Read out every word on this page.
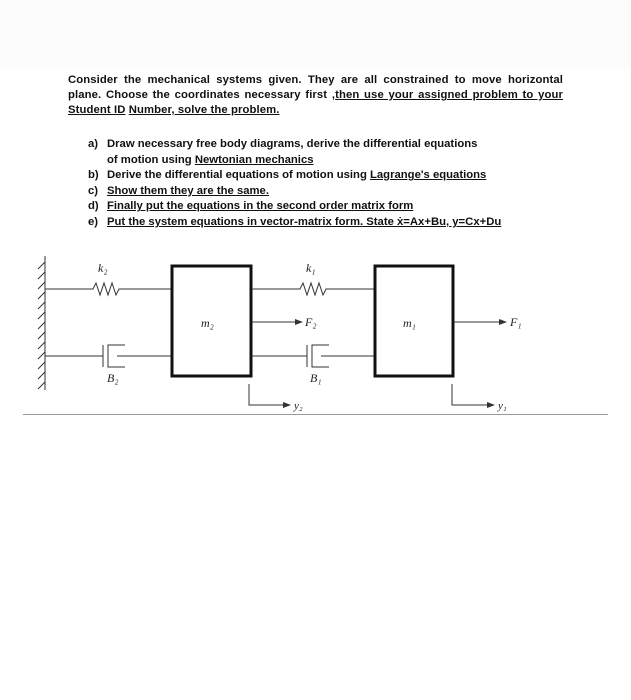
Consider the mechanical systems given. They are all constrained to move horizontal plane. Choose the coordinates necessary first ,then use your assigned problem to your Student ID Number, solve the problem.
a) Draw necessary free body diagrams, derive the differential equations
of motion using Newtonian mechanics
b) Derive the differential equations of motion using Lagrange's equations
c) Show them they are the same.
d) Finally put the equations in the second order matrix form
e) Put the system equations in vector-matrix form. State ẋ=Ax+Bu, y=Cx+Du
k₂	k₁
m₂	m₁
F₂	F₁
B₂	B₁
y₂	y₁
